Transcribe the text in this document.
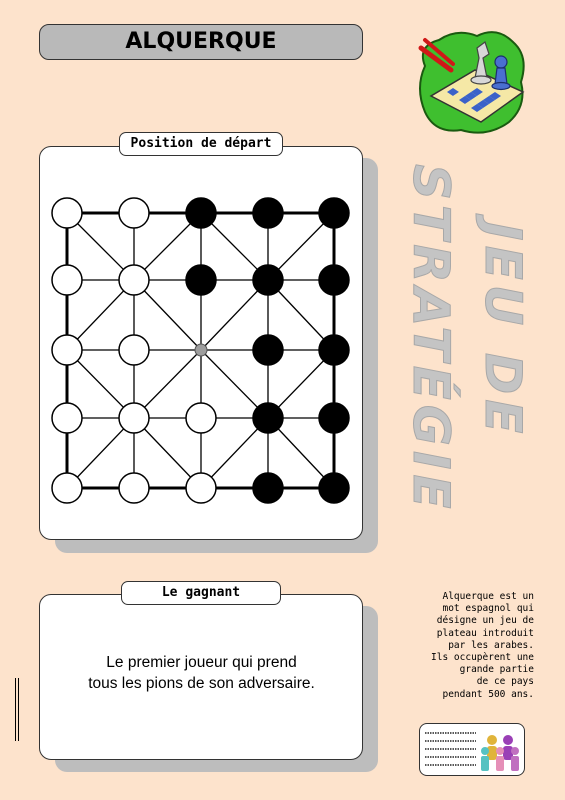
ALQUERQUE
Position de départ
Le gagnant
Le premier joueur qui prend
tous les pions de son adversaire.
JEU DE
STRATÉGIE
Alquerque est un
mot espagnol qui
désigne un jeu de
plateau introduit
par les arabes.
Ils occupèrent une
grande partie
de ce pays
pendant 500 ans.
